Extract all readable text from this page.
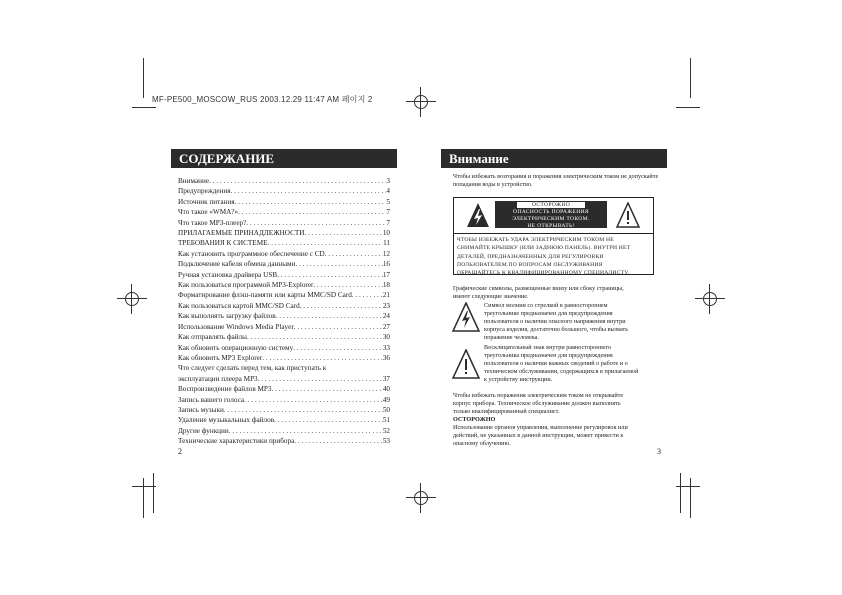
MF-PE500_MOSCOW_RUS 2003.12.29 11:47 AM 페이지 2
СОДЕРЖАНИЕ
Внимание . . .	3
Предупреждения . . .	4
Источник питания . . .	5
Что такое «WMA?» . . .	7
Что такое MP3-плеер? . . .	7
ПРИЛАГАЕМЫЕ ПРИНАДЛЕЖНОСТИ . . .	10
ТРЕБОВАНИЯ К СИСТЕМЕ . . .	11
Как установить программное обеспечение с CD . . .	12
Подключение кабеля обмена данными . . .	16
Ручная установка драйвера USB . . .	17
Как пользоваться программой MP3-Explorer . . .	18
Форматирование флэш-памяти или карты MMC/SD Card . . .	21
Как пользоваться картой MMC/SD Card . . .	23
Как выполнять загрузку файлов . . .	24
Использование Windows Media Player . . .	27
Как отправлять файлы . . .	30
Как обновить операционную систему . . .	33
Как обновить MP3 Explorer . . .	36
Что следует сделать перед тем, как приступать к
эксплуатации плеера MP3 . . .	37
Воспроизведение файлов MP3 . . .	40
Запись вашего голоса . . .	49
Запись музыки . . .	50
Удаление музыкальных файлов . . .	51
Другие функции . . .	52
Технические характеристики прибора . . .	53
2
Внимание
Чтобы избежать возгорания и поражения электрическим током не допускайте попадания воды в устройство.
ОСТОРОЖНО
ОПАСНОСТЬ ПОРАЖЕНИЯ
ЭЛЕКТРИЧЕСКИМ ТОКОМ.
НЕ ОТКРЫВАТЬ!
ЧТОБЫ ИЗБЕЖАТЬ УДАРА ЭЛЕКТРИЧЕСКИМ ТОКОМ НЕ
СНИМАЙТЕ КРЫШКУ (ИЛИ ЗАДНЮЮ ПАНЕЛЬ). ВНУТРИ НЕТ
ДЕТАЛЕЙ, ПРЕДНАЗНАЧЕННЫХ ДЛЯ РЕГУЛИРОВКИ
ПОЛЬЗОВАТЕЛЕМ.ПО ВОПРОСАМ ОБСЛУЖИВАНИЯ
ОБРАЩАЙТЕСЬ К КВАЛИФИЦИРОВАННОМУ СПЕЦИАЛИСТУ.
Графические символы, размещенные внизу или сбоку страницы,
имеют следующие значение.
Символ молнии со стрелкой в равностороннем
треугольнике предназначен для предупреждения
пользователя о наличии опасного напряжения внутри
корпуса изделия, достаточно большого, чтобы вызвать
поражение человека.
Восклицательный знак внутри равностороннего
треугольника предназначен для предупреждения
пользователя о наличии важных сведений о работе и о
техническом обслуживании, содержащихся в прилагаемой
к устройству инструкции.
Чтобы избежать поражения электрическим током не открывайте
корпус прибора. Техническое обслуживание должен выполнять
только квалифицированный специалист.
ОСТОРОЖНО
Использование органов управления, выполнение регулировок или
действий, не указанных в данной инструкции, может привести к
опасному облучению.
3
